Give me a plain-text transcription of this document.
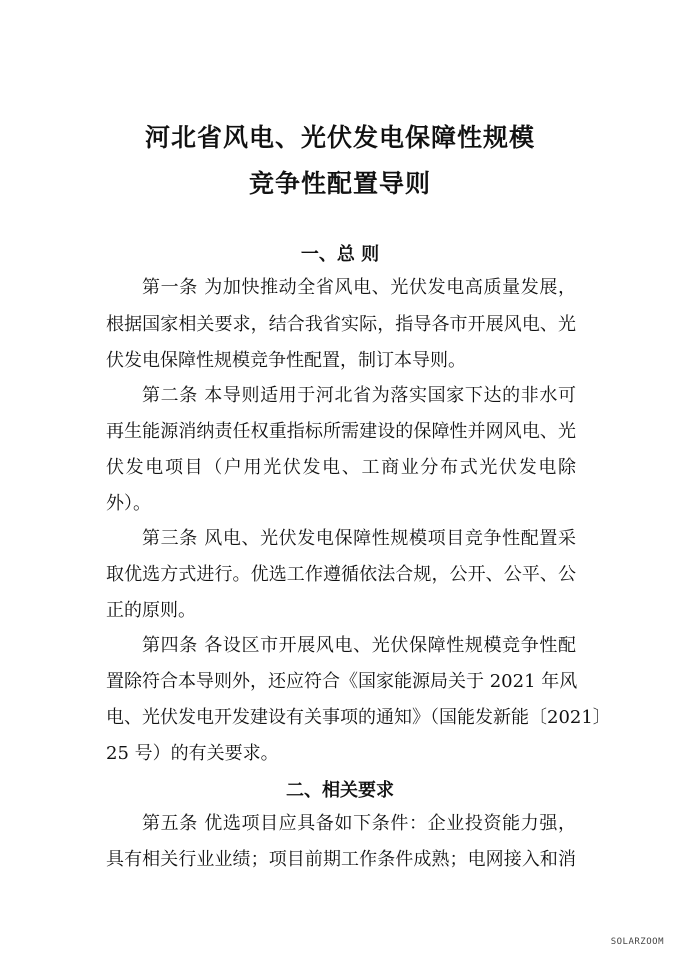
河北省风电、光伏发电保障性规模
竞争性配置导则
一、总 则
第一条 为加快推动全省风电、光伏发电高质量发展，
根据国家相关要求，结合我省实际，指导各市开展风电、光
伏发电保障性规模竞争性配置，制订本导则。
第二条 本导则适用于河北省为落实国家下达的非水可
再生能源消纳责任权重指标所需建设的保障性并网风电、光
伏发电项目（户用光伏发电、工商业分布式光伏发电除
外）。
第三条 风电、光伏发电保障性规模项目竞争性配置采
取优选方式进行。优选工作遵循依法合规，公开、公平、公
正的原则。
第四条 各设区市开展风电、光伏保障性规模竞争性配
置除符合本导则外，还应符合《国家能源局关于 2021 年风
电、光伏发电开发建设有关事项的通知》（国能发新能〔2021〕
25 号）的有关要求。
二、相关要求
第五条 优选项目应具备如下条件：企业投资能力强，
具有相关行业业绩；项目前期工作条件成熟；电网接入和消
SOLARZOOM
